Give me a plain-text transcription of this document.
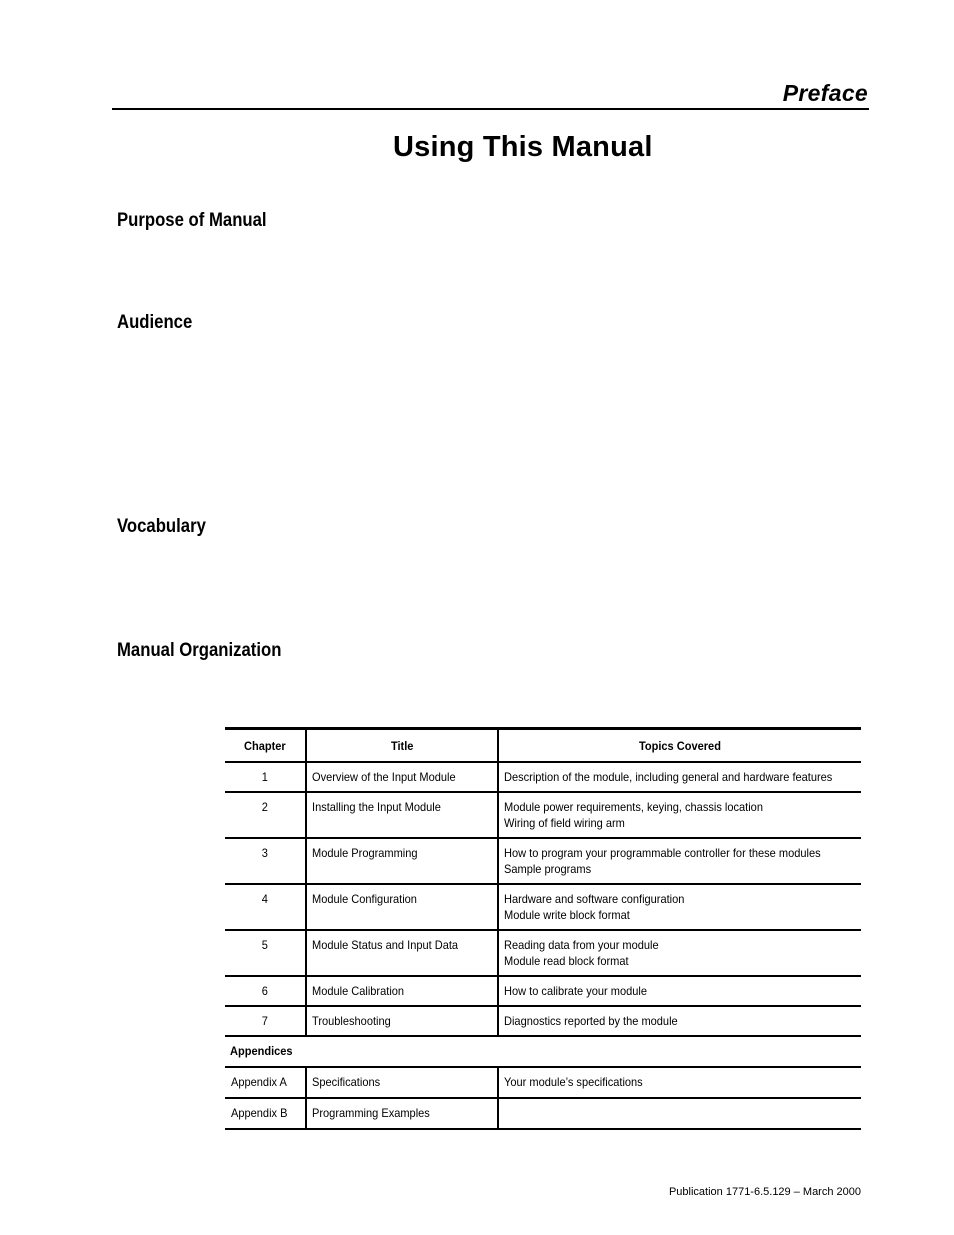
Preface
Using This Manual
Purpose of Manual
Audience
Vocabulary
Manual Organization
Chapter	Title	Topics Covered

1	Overview of the Input Module	Description of the module, including general and hardware features

2	Installing the Input Module	Module power requirements, keying, chassis location
Wiring of field wiring arm

3	Module Programming	How to program your programmable controller for these modules
Sample programs

4	Module Configuration	Hardware and software configuration
Module write block format

5	Module Status and Input Data	Reading data from your module
Module read block format

6	Module Calibration	How to calibrate your module

7	Troubleshooting	Diagnostics reported by the module

Appendices		

Appendix A	Specifications	Your module’s specifications

Appendix B	Programming Examples	

Publication 1771-6.5.129 – March 2000
